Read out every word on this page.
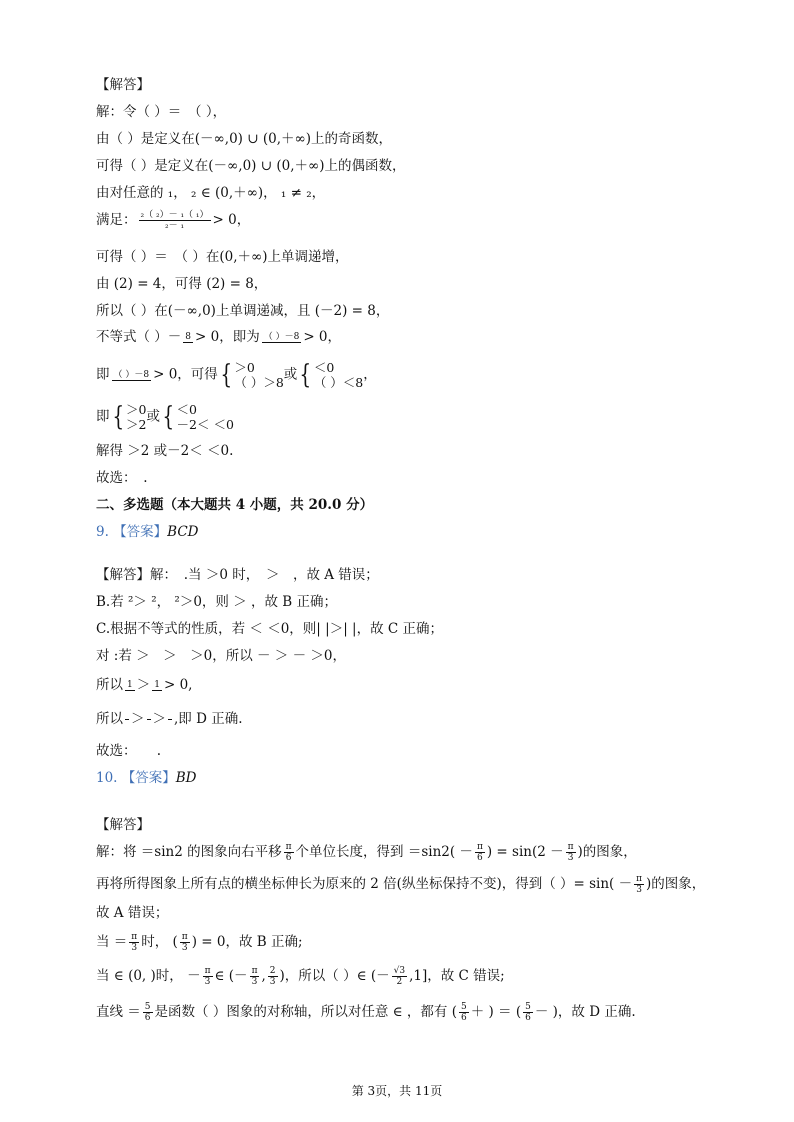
【解答】
解：令（ ）＝　（ ），
由（ ）是定义在(－∞,0) ∪ (0,＋∞)上的奇函数，
可得（ ）是定义在(－∞,0) ∪ (0,＋∞)上的偶函数，
由对任意的 ₁， ₂ ∈ (0,＋∞)， ₁ ≠ ₂，
满足： $\frac{\text{₂（ ₂）－ ₁（ ₁）}}{\text{₂－ ₁}} > 0$，
可得（ ）＝　（ ）在(0,＋∞)上单调递增，
由 (2) = 4，可得 (2) = 8，
所以（ ）在(－∞,0)上单调递减，且 (－2) = 8，
不等式（ ）－ 8 > 0，即为 （ ）－8 > 0，
即 （ ）－8 > 0，可得{ ＞0
（ ）＞8或{ ＜0
（ ）＜8，
即{ ＞0
＞2或{ ＜0
－2＜ ＜0
解得 ＞2 或－2＜ ＜0.
故选：　.
二、多选题（本大题共 4 小题，共 20.0 分）
9. 【答案】BCD
【解答】解：　.当 ＞0 时，　＞　，故 A 错误；
B.若 ²＞ ²， ²＞0，则 ＞ ，故 B 正确；
C.根据不等式的性质，若 ＜ ＜0，则| |＞| |，故 C 正确；
对 :若 ＞　＞　＞0，所以 － ＞ － ＞0，
所以 1 ＞ 1 > 0,
所以 ＞ ＞ ,即 D 正确.
故选：　　.
10. 【答案】BD
【解答】
解：将 ＝sin2 的图象向右平移 $\frac{\pi}{6}$ 个单位长度，得到 $=\sin 2( - \frac{\pi}{6}$ ) = $\sin(2 - \frac{\pi}{3}$ )的图象，
再将所得图象上所有点的横坐标伸长为原来的 2 倍(纵坐标保持不变)，得到（ ）= $\sin( - \frac{\pi}{3}$ )的图象，
故 A 错误；
当 ＝ $\frac{\pi}{3}$ 时， ( $\frac{\pi}{3}$ ) = 0，故 B 正确;
当 ∈ (0, )时， － $\frac{\pi}{3}$ ∈ (－ $\frac{\pi}{3}$ , $\frac{2}{3}$ )，所以（ ）∈ (－ $\frac{√3}{2} ,1$]，故 C 错误;
直线 ＝ $\frac{5}{6}$ 是函数（ ）图象的对称轴，所以对任意 ∈ ，都有 ( $\frac{5}{6}$ ＋ ) ＝ ( $\frac{5}{6}$ － )，故 D 正确.
第 3页，共 11页
